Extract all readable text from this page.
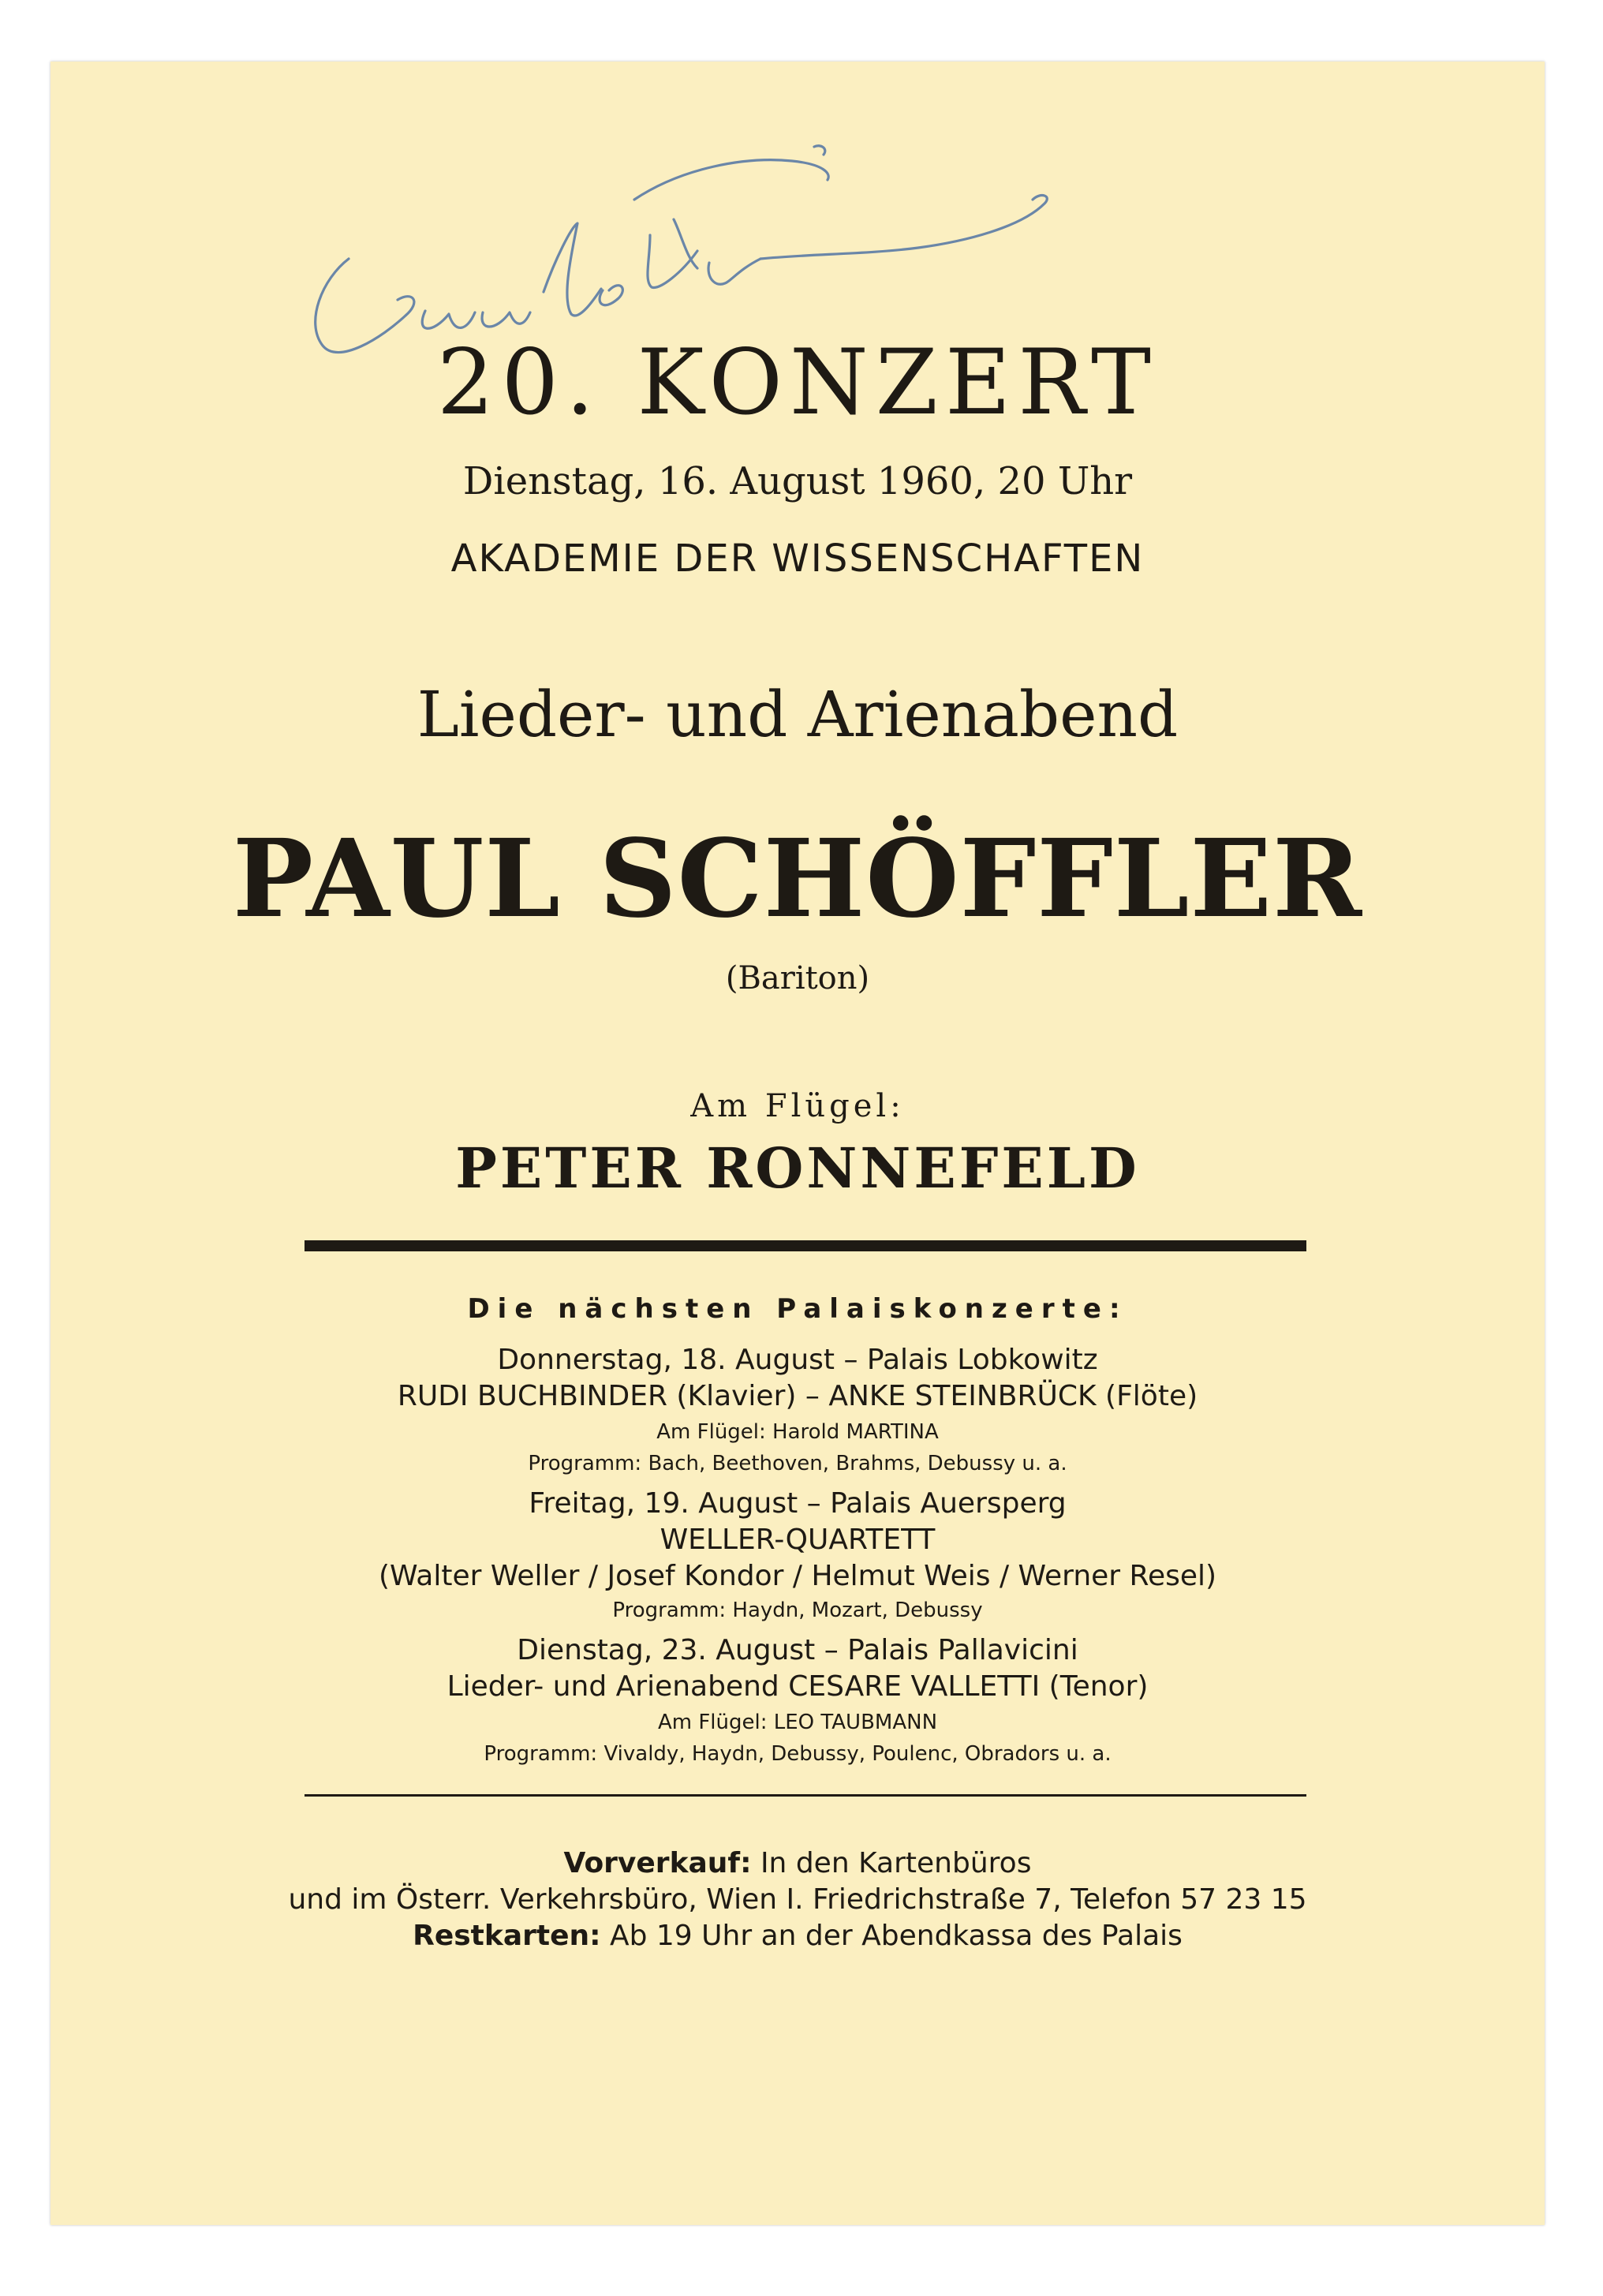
20. KONZERT
Dienstag, 16. August 1960, 20 Uhr
AKADEMIE DER WISSENSCHAFTEN
Lieder- und Arienabend
PAUL SCHÖFFLER
(Bariton)
Am Flügel:
PETER RONNEFELD
Die nächsten Palaiskonzerte:
Donnerstag, 18. August – Palais Lobkowitz
RUDI BUCHBINDER (Klavier) – ANKE STEINBRÜCK (Flöte)
Am Flügel: Harold MARTINA
Programm: Bach, Beethoven, Brahms, Debussy u. a.
Freitag, 19. August – Palais Auersperg
WELLER-QUARTETT
(Walter Weller / Josef Kondor / Helmut Weis / Werner Resel)
Programm: Haydn, Mozart, Debussy
Dienstag, 23. August – Palais Pallavicini
Lieder- und Arienabend CESARE VALLETTI (Tenor)
Am Flügel: LEO TAUBMANN
Programm: Vivaldy, Haydn, Debussy, Poulenc, Obradors u. a.
Vorverkauf: In den Kartenbüros
und im Österr. Verkehrsbüro, Wien I. Friedrichstraße 7, Telefon 57 23 15
Restkarten: Ab 19 Uhr an der Abendkassa des Palais
